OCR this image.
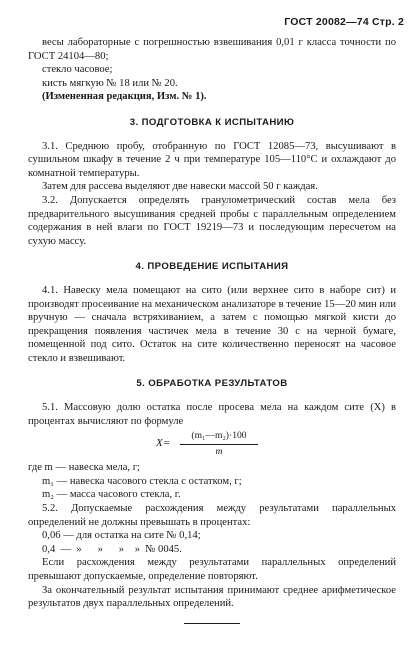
ГОСТ 20082—74 Стр. 2

весы лабораторные с погрешностью взвешивания 0,01 г класса точности по ГОСТ 24104—80;

стекло часовое;

кисть мягкую № 18 или № 20.

(Измененная редакция, Изм. № 1).

3. ПОДГОТОВКА К ИСПЫТАНИЮ

3.1. Среднюю пробу, отобранную по ГОСТ 12085—73, высушивают в сушильном шкафу в течение 2 ч при температуре 105—110°С и охлаждают до комнатной температуры.

Затем для рассева выделяют две навески массой 50 г каждая.

3.2. Допускается определять гранулометрический состав мела без предварительного высушивания средней пробы с параллельным определением содержания в ней влаги по ГОСТ 19219—73 и последующим пересчетом на сухую массу.

4. ПРОВЕДЕНИЕ ИСПЫТАНИЯ

4.1. Навеску мела помещают на сито (или верхнее сито в наборе сит) и производят просеивание на механическом анализаторе в течение 15—20 мин или вручную — сначала встряхиванием, а затем с помощью мягкой кисти до прекращения появления частичек мела в течение 30 с на черной бумаге, помещенной под сито. Остаток на сите количественно переносят на часовое стекло и взвешивают.

5. ОБРАБОТКА РЕЗУЛЬТАТОВ

5.1. Массовую долю остатка после просева мела на каждом сите (X) в процентах вычисляют по формуле

X=
(m₁—m₂)·100
m

где m — навеска мела, г;

m₁ — навеска часового стекла с остатком, г;

m₂ — масса часового стекла, г.

5.2. Допускаемые расхождения между результатами параллельных определений не должны превышать в процентах:

0,06 — для остатка на сите № 0,14;

0,4  —  »      »      »    »  № 0045.

Если расхождения между результатами параллельных определений превышают допускаемые, определение повторяют.

За окончательный результат испытания принимают среднее арифметическое результатов двух параллельных определений.
